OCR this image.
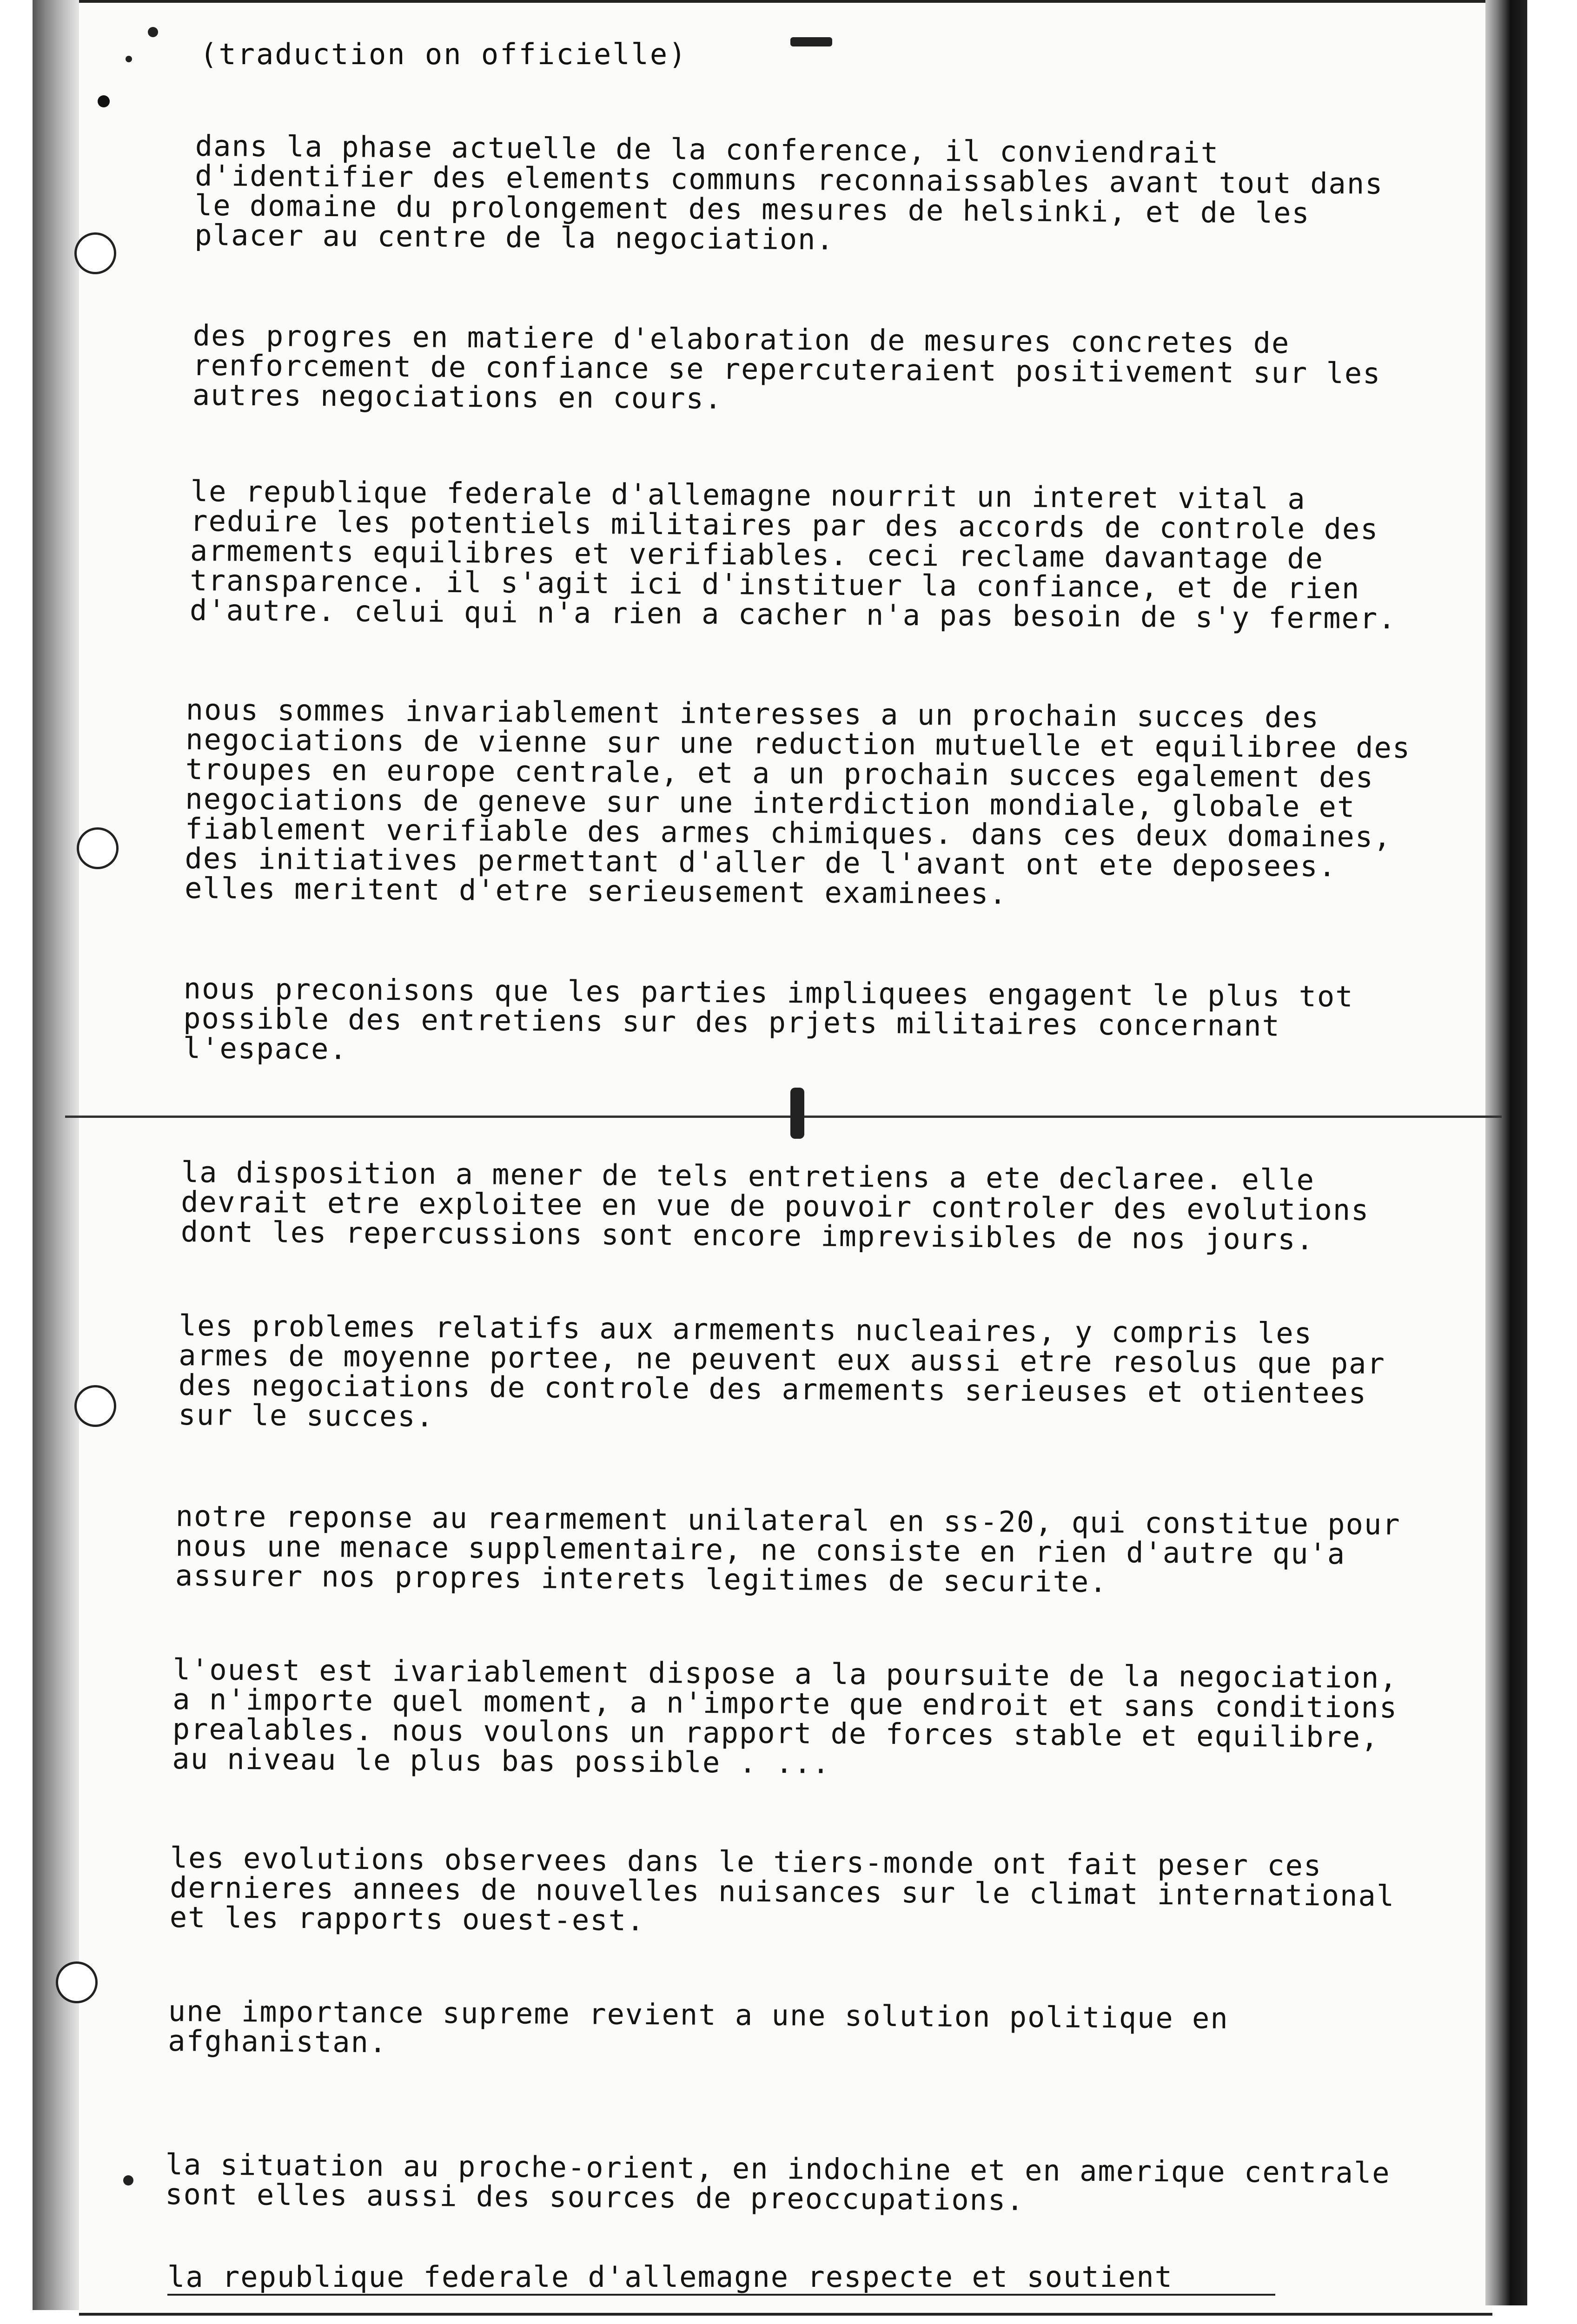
(traduction on officielle)
dans la phase actuelle de la conference, il conviendrait
d'identifier des elements communs reconnaissables avant tout dans
le domaine du prolongement des mesures de helsinki, et de les
placer au centre de la negociation.
des progres en matiere d'elaboration de mesures concretes de
renforcement de confiance se repercuteraient positivement sur les
autres negociations en cours.
le republique federale d'allemagne nourrit un interet vital a
reduire les potentiels militaires par des accords de controle des
armements equilibres et verifiables. ceci reclame davantage de
transparence. il s'agit ici d'instituer la confiance, et de rien
d'autre. celui qui n'a rien a cacher n'a pas besoin de s'y fermer.
nous sommes invariablement interesses a un prochain succes des
negociations de vienne sur une reduction mutuelle et equilibree des
troupes en europe centrale, et a un prochain succes egalement des
negociations de geneve sur une interdiction mondiale, globale et
fiablement verifiable des armes chimiques. dans ces deux domaines,
des initiatives permettant d'aller de l'avant ont ete deposees.
elles meritent d'etre serieusement examinees.
nous preconisons que les parties impliquees engagent le plus tot
possible des entretiens sur des prjets militaires concernant
l'espace.
la disposition a mener de tels entretiens a ete declaree. elle
devrait etre exploitee en vue de pouvoir controler des evolutions
dont les repercussions sont encore imprevisibles de nos jours.
les problemes relatifs aux armements nucleaires, y compris les
armes de moyenne portee, ne peuvent eux aussi etre resolus que par
des negociations de controle des armements serieuses et otientees
sur le succes.
notre reponse au rearmement unilateral en ss-20, qui constitue pour
nous une menace supplementaire, ne consiste en rien d'autre qu'a
assurer nos propres interets legitimes de securite.
l'ouest est ivariablement dispose a la poursuite de la negociation,
a n'importe quel moment, a n'importe que endroit et sans conditions
prealables. nous voulons un rapport de forces stable et equilibre,
au niveau le plus bas possible . ...
les evolutions observees dans le tiers-monde ont fait peser ces
dernieres annees de nouvelles nuisances sur le climat international
et les rapports ouest-est.
une importance supreme revient a une solution politique en
afghanistan.
la situation au proche-orient, en indochine et en amerique centrale
sont elles aussi des sources de preoccupations.
la republique federale d'allemagne respecte et soutient
